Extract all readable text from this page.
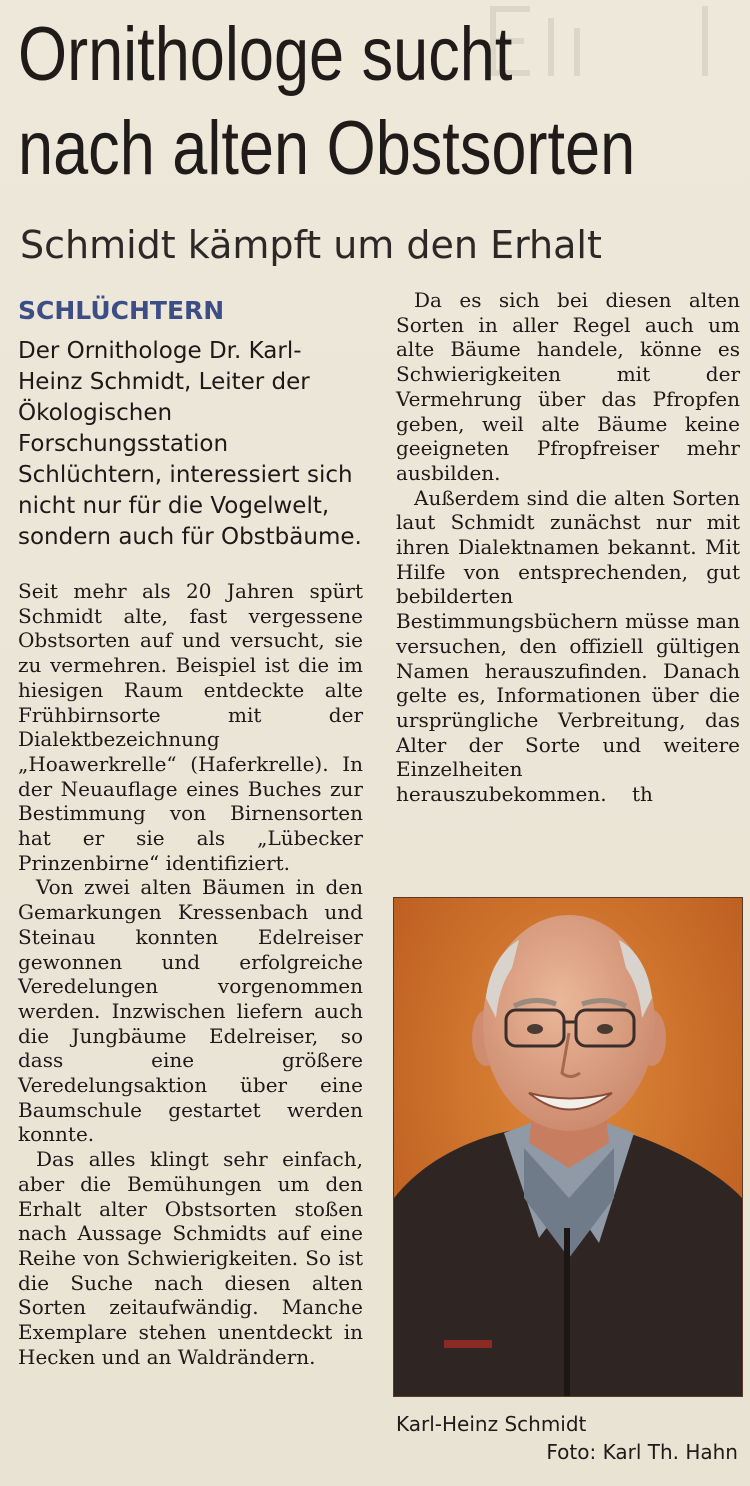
Ornithologe sucht
nach alten Obstsorten
Schmidt kämpft um den Erhalt
SCHLÜCHTERN

Der Ornithologe Dr. Karl-Heinz Schmidt, Leiter der Ökologischen Forschungsstation Schlüchtern, interessiert sich nicht nur für die Vogelwelt, sondern auch für Obstbäume.

Seit mehr als 20 Jahren spürt Schmidt alte, fast vergessene Obstsorten auf und versucht, sie zu vermehren. Beispiel ist die im hiesigen Raum entdeckte alte Frühbirnsorte mit der Dialektbezeichnung „Hoawerkrelle“ (Haferkrelle). In der Neuauflage eines Buches zur Bestimmung von Birnensorten hat er sie als „Lübecker Prinzenbirne“ identifiziert.

Von zwei alten Bäumen in den Gemarkungen Kressenbach und Steinau konnten Edelreiser gewonnen und erfolgreiche Veredelungen vorgenommen werden. Inzwischen liefern auch die Jungbäume Edelreiser, so dass eine größere Veredelungsaktion über eine Baumschule gestartet werden konnte.

Das alles klingt sehr einfach, aber die Bemühungen um den Erhalt alter Obstsorten stoßen nach Aussage Schmidts auf eine Reihe von Schwierigkeiten. So ist die Suche nach diesen alten Sorten zeitaufwändig. Manche Exemplare stehen unentdeckt in Hecken und an Waldrändern.

Da es sich bei diesen alten Sorten in aller Regel auch um alte Bäume handele, könne es Schwierigkeiten mit der Vermehrung über das Pfropfen geben, weil alte Bäume keine geeigneten Pfropfreiser mehr ausbilden.

Außerdem sind die alten Sorten laut Schmidt zunächst nur mit ihren Dialektnamen bekannt. Mit Hilfe von entsprechenden, gut bebilderten Bestimmungsbüchern müsse man versuchen, den offiziell gültigen Namen herauszufinden. Danach gelte es, Informationen über die ursprüngliche Verbreitung, das Alter der Sorte und weitere Einzelheiten herauszubekommen. th

Karl-Heinz Schmidt
Foto: Karl Th. Hahn
